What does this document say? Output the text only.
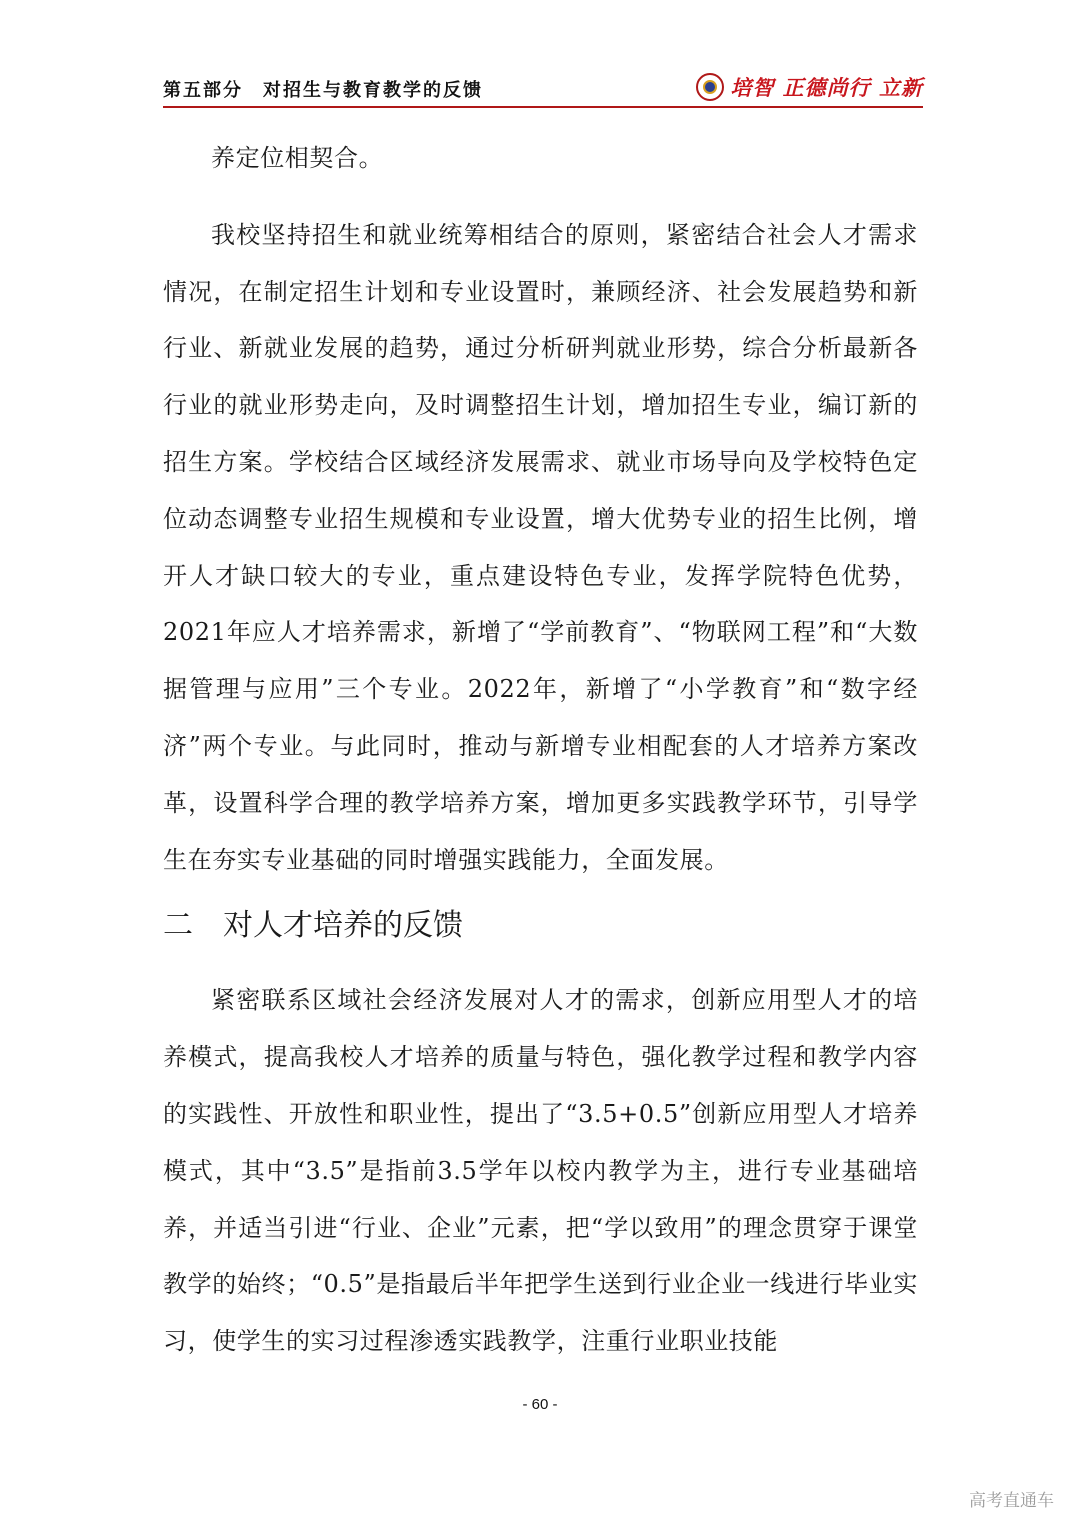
第五部分　对招生与教育教学的反馈	培智 正德尚行 立新

养定位相契合。

我校坚持招生和就业统筹相结合的原则，紧密结合社会人才需求情况，在制定招生计划和专业设置时，兼顾经济、社会发展趋势和新行业、新就业发展的趋势，通过分析研判就业形势，综合分析最新各行业的就业形势走向，及时调整招生计划，增加招生专业，编订新的招生方案。学校结合区域经济发展需求、就业市场导向及学校特色定位动态调整专业招生规模和专业设置，增大优势专业的招生比例，增开人才缺口较大的专业，重点建设特色专业，发挥学院特色优势，2021年应人才培养需求，新增了“学前教育”、“物联网工程”和“大数据管理与应用”三个专业。2022年，新增了“小学教育”和“数字经济”两个专业。与此同时，推动与新增专业相配套的人才培养方案改革，设置科学合理的教学培养方案，增加更多实践教学环节，引导学生在夯实专业基础的同时增强实践能力，全面发展。

二 对人才培养的反馈

紧密联系区域社会经济发展对人才的需求，创新应用型人才的培养模式，提高我校人才培养的质量与特色，强化教学过程和教学内容的实践性、开放性和职业性，提出了“3.5+0.5”创新应用型人才培养模式，其中“3.5”是指前3.5学年以校内教学为主，进行专业基础培养，并适当引进“行业、企业”元素，把“学以致用”的理念贯穿于课堂教学的始终；“0.5”是指最后半年把学生送到行业企业一线进行毕业实习，使学生的实习过程渗透实践教学，注重行业职业技能

- 60 -
高考直通车
